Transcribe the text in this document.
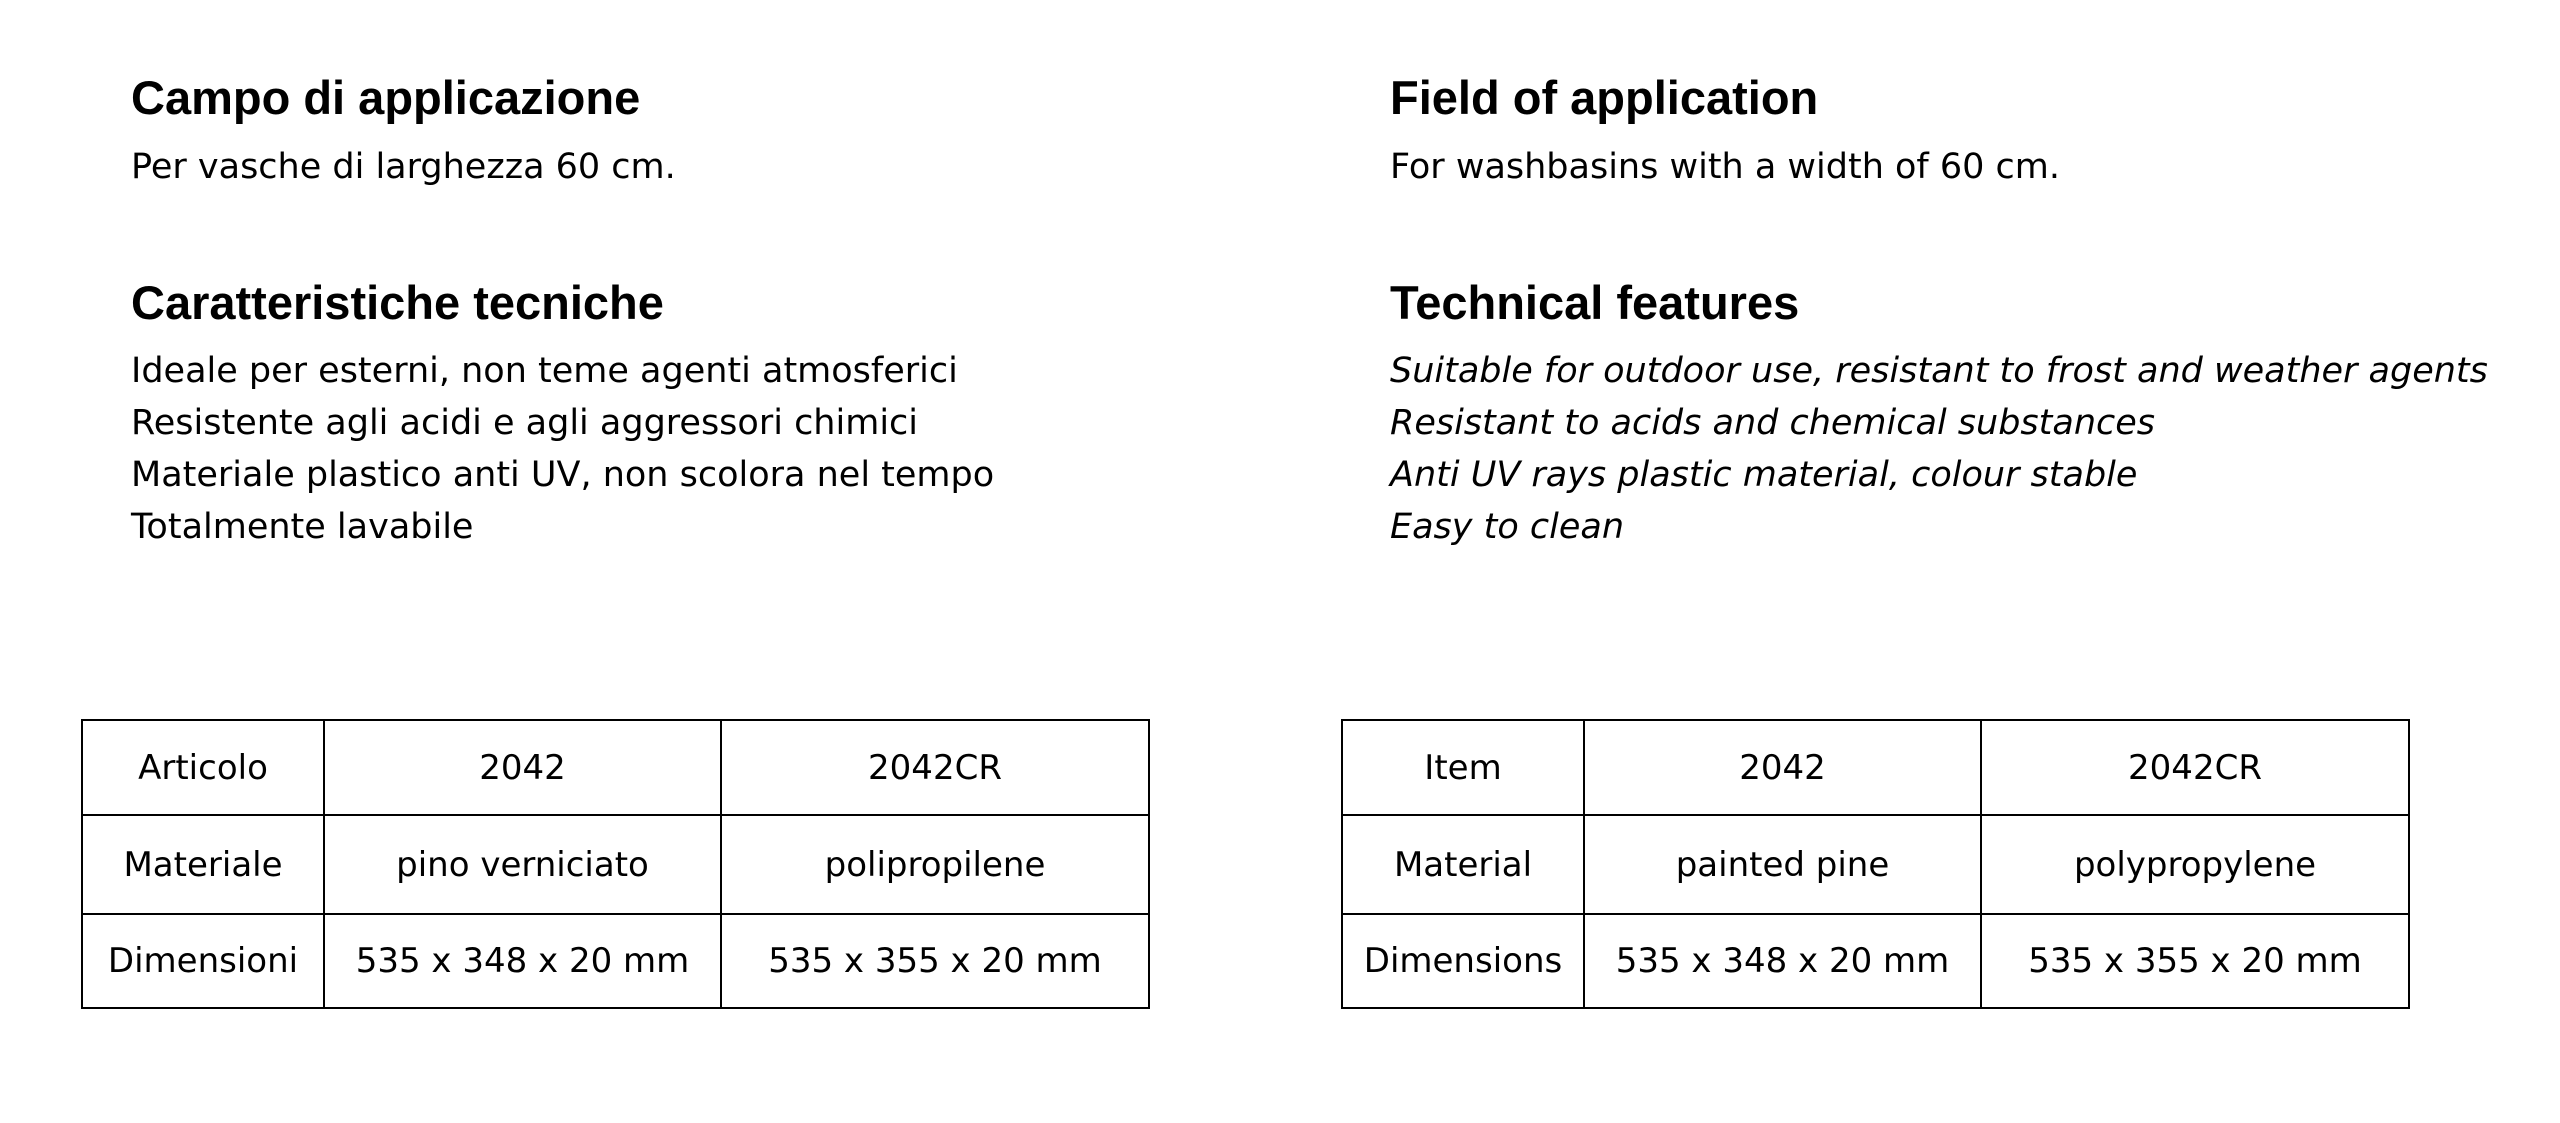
Campo di applicazione

Per vasche di larghezza 60 cm.

Caratteristiche tecniche

Ideale per esterni, non teme agenti atmosferici

Resistente agli acidi e agli aggressori chimici

Materiale plastico anti UV, non scolora nel tempo

Totalmente lavabile

Field of application

For washbasins with a width of 60 cm.

Technical features

Suitable for outdoor use, resistant to frost and weather agents

Resistant to acids and chemical substances

Anti UV rays plastic material, colour stable

Easy to clean

Articolo	2042	2042CR
Materiale	pino verniciato	polipropilene
Dimensioni	535 x 348 x 20 mm	535 x 355 x 20 mm
Item	2042	2042CR
Material	painted pine	polypropylene
Dimensions	535 x 348 x 20 mm	535 x 355 x 20 mm
